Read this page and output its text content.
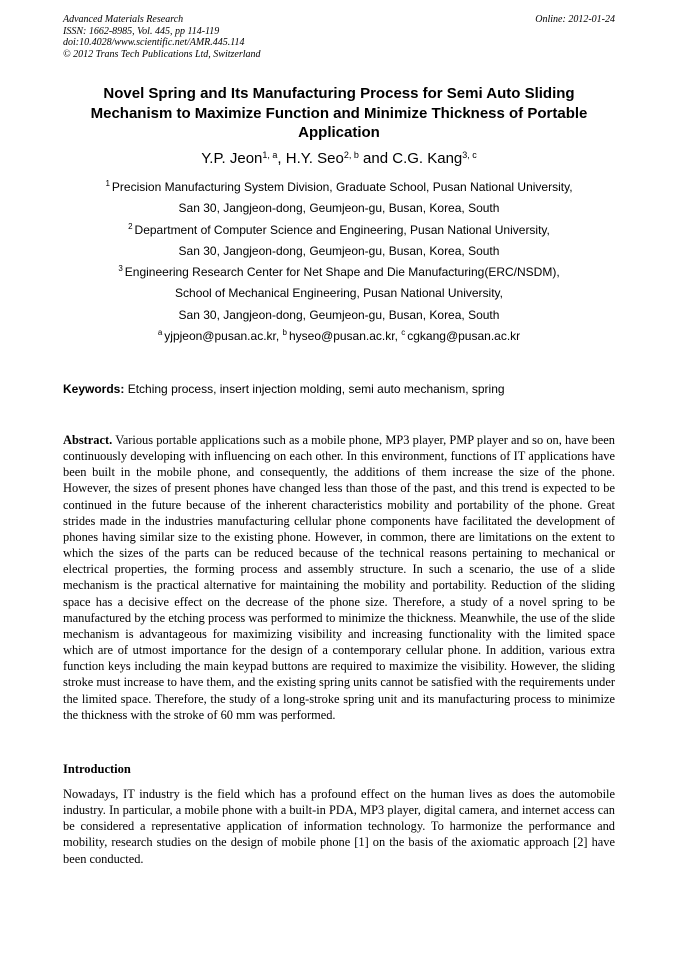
Advanced Materials Research
ISSN: 1662-8985, Vol. 445, pp 114-119
doi:10.4028/www.scientific.net/AMR.445.114
© 2012 Trans Tech Publications Ltd, Switzerland
Online: 2012-01-24
Novel Spring and Its Manufacturing Process for Semi Auto Sliding Mechanism to Maximize Function and Minimize Thickness of Portable Application
Y.P. Jeon$^{1, a}$, H.Y. Seo$^{2, b}$ and C.G. Kang$^{3, c}$
$^1$ Precision Manufacturing System Division, Graduate School, Pusan National University,
San 30, Jangjeon-dong, Geumjeon-gu, Busan, Korea, South
$^2$ Department of Computer Science and Engineering, Pusan National University,
San 30, Jangjeon-dong, Geumjeon-gu, Busan, Korea, South
$^3$ Engineering Research Center for Net Shape and Die Manufacturing(ERC/NSDM),
School of Mechanical Engineering, Pusan National University,
San 30, Jangjeon-dong, Geumjeon-gu, Busan, Korea, South
$^a$ yjpjeon@pusan.ac.kr, $^b$ hyseo@pusan.ac.kr, $^c$ cgkang@pusan.ac.kr
Keywords: Etching process, insert injection molding, semi auto mechanism, spring
Abstract. Various portable applications such as a mobile phone, MP3 player, PMP player and so on, have been continuously developing with influencing on each other. In this environment, functions of IT applications have been built in the mobile phone, and consequently, the additions of them increase the size of the phone. However, the sizes of present phones have changed less than those of the past, and this trend is expected to be continued in the future because of the inherent characteristics mobility and portability of the phone. Great strides made in the industries manufacturing cellular phone components have facilitated the development of phones having similar size to the existing phone. However, in common, there are limitations on the extent to which the sizes of the parts can be reduced because of the technical reasons pertaining to mechanical or electrical properties, the forming process and assembly structure. In such a scenario, the use of a slide mechanism is the practical alternative for maintaining the mobility and portability. Reduction of the sliding space has a decisive effect on the decrease of the phone size. Therefore, a study of a novel spring to be manufactured by the etching process was performed to minimize the thickness. Meanwhile, the use of the slide mechanism is advantageous for maximizing visibility and increasing functionality with the limited space which are of utmost importance for the design of a contemporary cellular phone. In addition, various extra function keys including the main keypad buttons are required to maximize the visibility. However, the sliding stroke must increase to have them, and the existing spring units cannot be satisfied with the requirements under the limited space. Therefore, the study of a long-stroke spring unit and its manufacturing process to minimize the thickness with the stroke of 60 mm was performed.
Introduction
Nowadays, IT industry is the field which has a profound effect on the human lives as does the automobile industry. In particular, a mobile phone with a built-in PDA, MP3 player, digital camera, and internet access can be considered a representative application of information technology. To harmonize the performance and mobility, research studies on the design of mobile phone [1] on the basis of the axiomatic approach [2] have been conducted.
